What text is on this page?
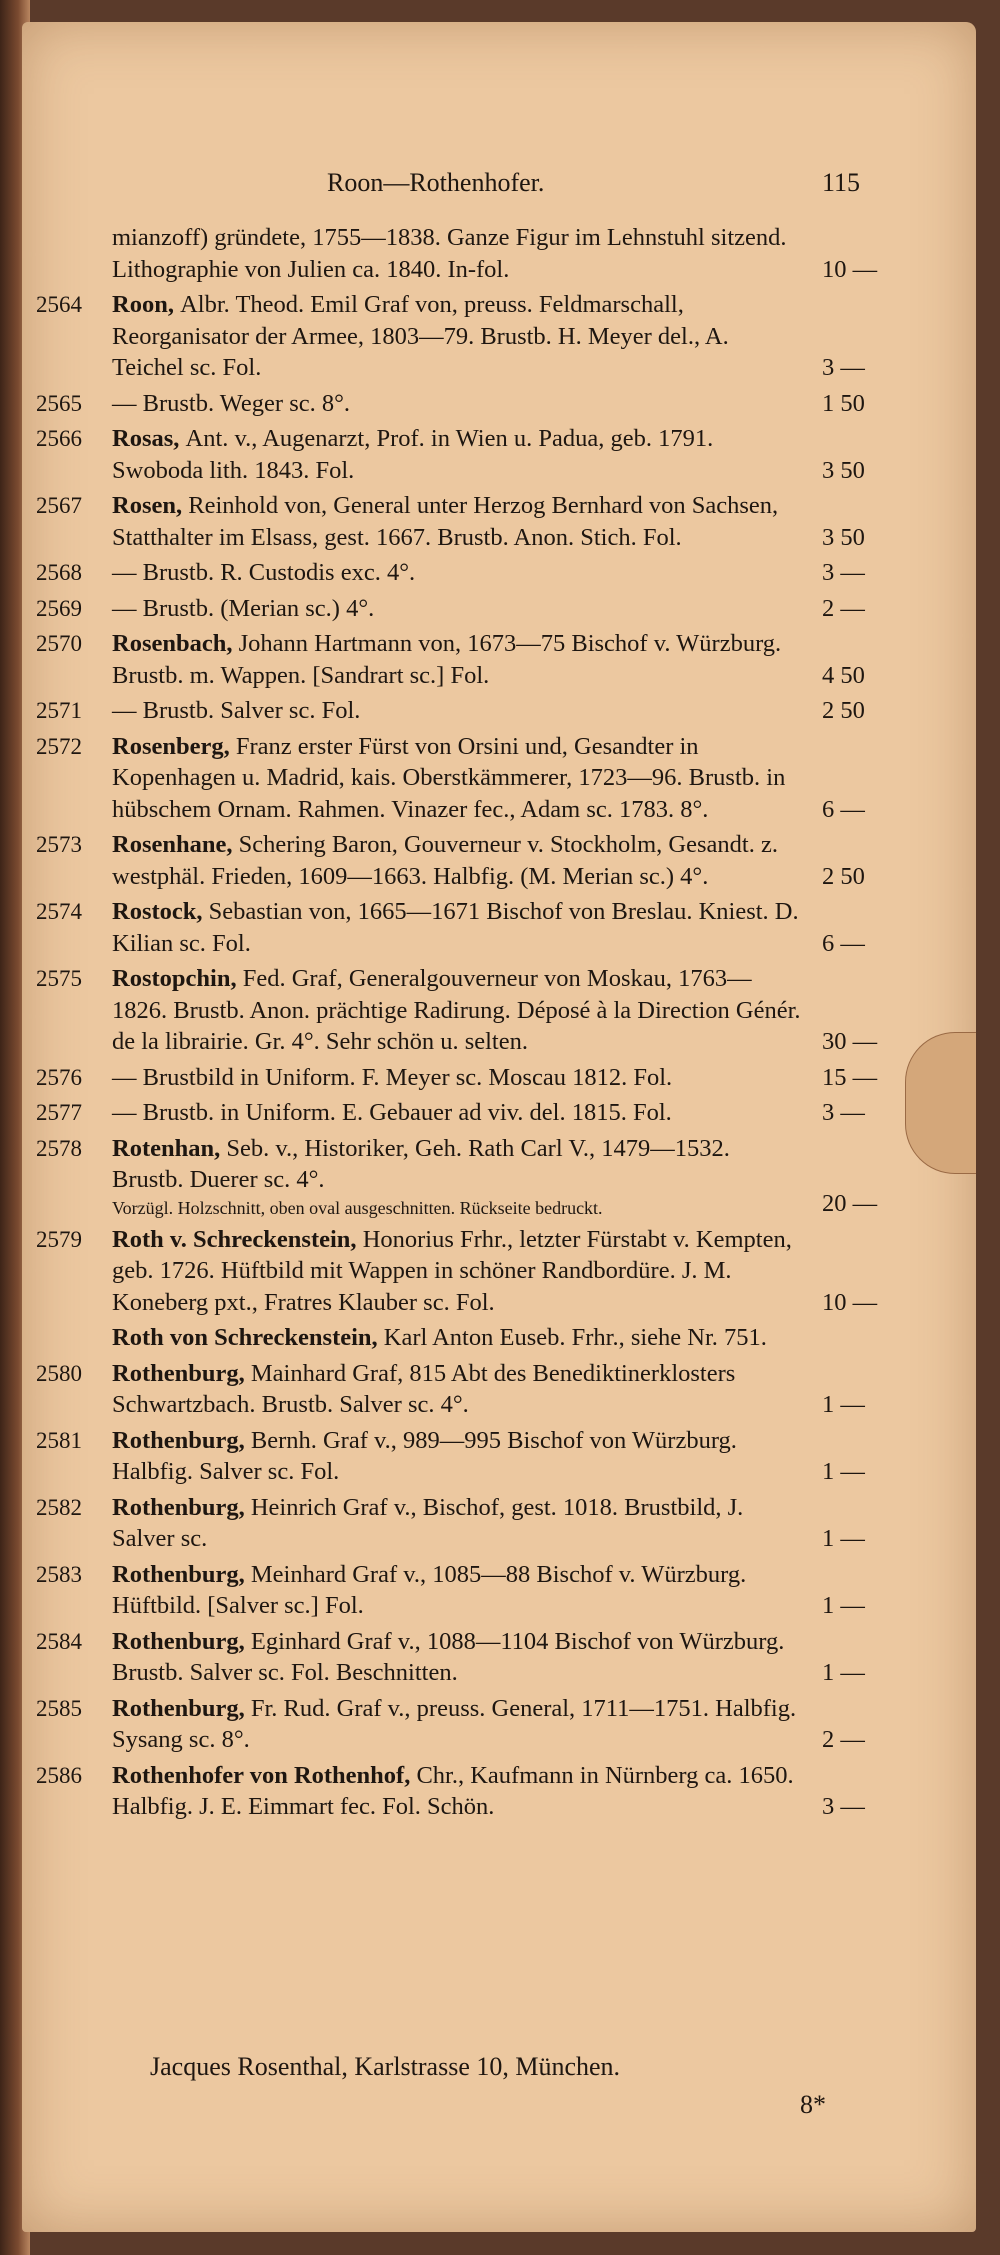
Roon—Rothenhofer.	115
mianzoff) gründete, 1755—1838. Ganze Figur im Lehnstuhl sitzend. Lithographie von Julien ca. 1840. In-fol.	10 —
2564	Roon, Albr. Theod. Emil Graf von, preuss. Feldmarschall, Reorganisator der Armee, 1803—79. Brustb. H. Meyer del., A. Teichel sc. Fol.	3 —
2565	— Brustb. Weger sc. 8°.	1 50
2566	Rosas, Ant. v., Augenarzt, Prof. in Wien u. Padua, geb. 1791. Swoboda lith. 1843. Fol.	3 50
2567	Rosen, Reinhold von, General unter Herzog Bernhard von Sachsen, Statthalter im Elsass, gest. 1667. Brustb. Anon. Stich. Fol.	3 50
2568	— Brustb. R. Custodis exc. 4°.	3 —
2569	— Brustb. (Merian sc.) 4°.	2 —
2570	Rosenbach, Johann Hartmann von, 1673—75 Bischof v. Würzburg. Brustb. m. Wappen. [Sandrart sc.] Fol.	4 50
2571	— Brustb. Salver sc. Fol.	2 50
2572	Rosenberg, Franz erster Fürst von Orsini und, Gesandter in Kopenhagen u. Madrid, kais. Oberstkämmerer, 1723—96. Brustb. in hübschem Ornam. Rahmen. Vinazer fec., Adam sc. 1783. 8°.	6 —
2573	Rosenhane, Schering Baron, Gouverneur v. Stockholm, Gesandt. z. westphäl. Frieden, 1609—1663. Halbfig. (M. Merian sc.) 4°.	2 50
2574	Rostock, Sebastian von, 1665—1671 Bischof von Breslau. Kniest. D. Kilian sc. Fol.	6 —
2575	Rostopchin, Fed. Graf, Generalgouverneur von Moskau, 1763—1826. Brustb. Anon. prächtige Radirung. Déposé à la Direction Génér. de la librairie. Gr. 4°. Sehr schön u. selten.	30 —
2576	— Brustbild in Uniform. F. Meyer sc. Moscau 1812. Fol.	15 —
2577	— Brustb. in Uniform. E. Gebauer ad viv. del. 1815. Fol.	3 —
2578	Rotenhan, Seb. v., Historiker, Geh. Rath Carl V., 1479—1532. Brustb. Duerer sc. 4°.
Vorzügl. Holzschnitt, oben oval ausgeschnitten. Rückseite bedruckt.	20 —
2579	Roth v. Schreckenstein, Honorius Frhr., letzter Fürstabt v. Kempten, geb. 1726. Hüftbild mit Wappen in schöner Randbordüre. J. M. Koneberg pxt., Fratres Klauber sc. Fol.	10 —
Roth von Schreckenstein, Karl Anton Euseb. Frhr., siehe Nr. 751.
2580	Rothenburg, Mainhard Graf, 815 Abt des Benediktinerklosters Schwartzbach. Brustb. Salver sc. 4°.	1 —
2581	Rothenburg, Bernh. Graf v., 989—995 Bischof von Würzburg. Halbfig. Salver sc. Fol.	1 —
2582	Rothenburg, Heinrich Graf v., Bischof, gest. 1018. Brustbild, J. Salver sc.	1 —
2583	Rothenburg, Meinhard Graf v., 1085—88 Bischof v. Würzburg. Hüftbild. [Salver sc.] Fol.	1 —
2584	Rothenburg, Eginhard Graf v., 1088—1104 Bischof von Würzburg. Brustb. Salver sc. Fol. Beschnitten.	1 —
2585	Rothenburg, Fr. Rud. Graf v., preuss. General, 1711—1751. Halbfig. Sysang sc. 8°.	2 —
2586	Rothenhofer von Rothenhof, Chr., Kaufmann in Nürnberg ca. 1650. Halbfig. J. E. Eimmart fec. Fol. Schön.	3 —
Jacques Rosenthal, Karlstrasse 10, München.
8*
